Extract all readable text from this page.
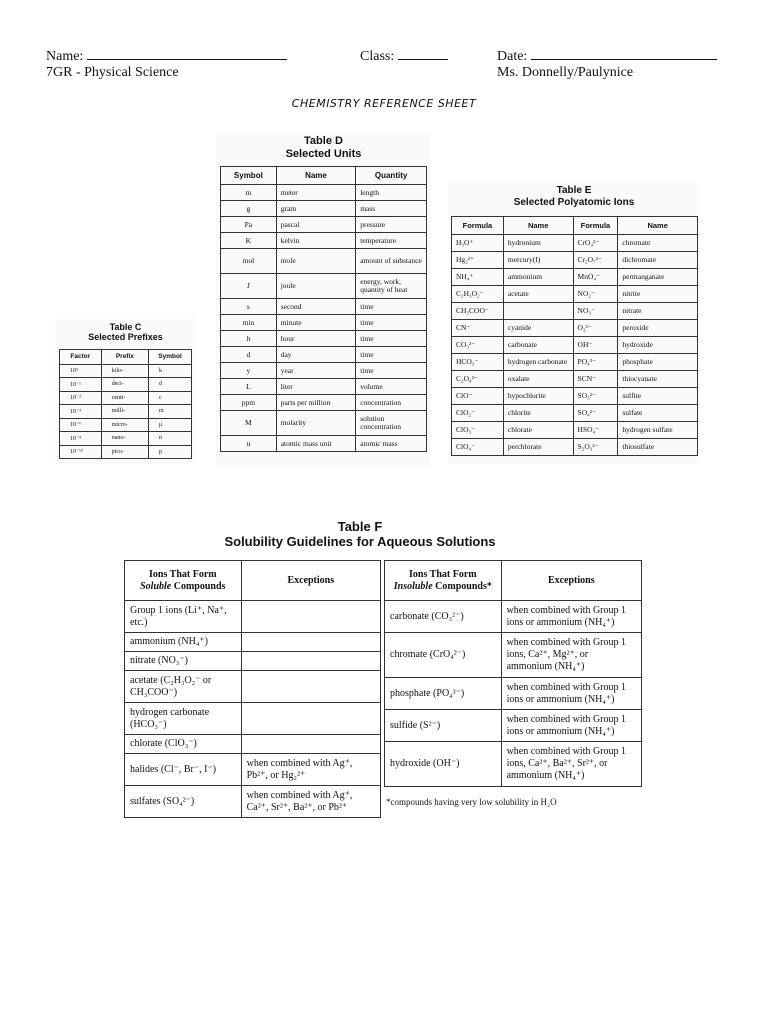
Name:	Class:	Date:
7GR - Physical Science	Ms. Donnelly/Paulynice
CHEMISTRY REFERENCE SHEET
Table C
Selected Prefixes
Factor	Prefix	Symbol
10³	kilo-	k
10⁻¹	deci-	d
10⁻²	centi-	c
10⁻³	milli-	m
10⁻⁶	micro-	μ
10⁻⁹	nano-	n
10⁻¹²	pico-	p
Table D
Selected Units
Symbol	Name	Quantity
m	meter	length
g	gram	mass
Pa	pascal	pressure
K	kelvin	temperature
mol	mole	amount of substance
J	joule	energy, work, quantity of heat
s	second	time
min	minute	time
h	hour	time
d	day	time
y	year	time
L	liter	volume
ppm	parts per million	concentration
M	molarity	solution concentration
u	atomic mass unit	atomic mass
Table E
Selected Polyatomic Ions
Formula	Name	Formula	Name
H₃O⁺	hydronium	CrO₄²⁻	chromate
Hg₂²⁺	mercury(I)	Cr₂O₇²⁻	dichromate
NH₄⁺	ammonium	MnO₄⁻	permanganate
C₂H₃O₂⁻	acetate	NO₂⁻	nitrite
CH₃COO⁻		NO₃⁻	nitrate
CN⁻	cyanide	O₂²⁻	peroxide
CO₃²⁻	carbonate	OH⁻	hydroxide
HCO₃⁻	hydrogen carbonate	PO₄³⁻	phosphate
C₂O₄²⁻	oxalate	SCN⁻	thiocyanate
ClO⁻	hypochlorite	SO₃²⁻	sulfite
ClO₂⁻	chlorite	SO₄²⁻	sulfate
ClO₃⁻	chlorate	HSO₄⁻	hydrogen sulfate
ClO₄⁻	perchlorate	S₂O₃²⁻	thiosulfate
Table F
Solubility Guidelines for Aqueous Solutions
Ions That Form
Soluble Compounds	Exceptions
Group 1 ions (Li⁺, Na⁺, etc.)	
ammonium (NH₄⁺)	
nitrate (NO₃⁻)	
acetate (C₂H₃O₂⁻ or CH₃COO⁻)	
hydrogen carbonate (HCO₃⁻)	
chlorate (ClO₃⁻)	
halides (Cl⁻, Br⁻, I⁻)	when combined with Ag⁺, Pb²⁺, or Hg₂²⁺
sulfates (SO₄²⁻)	when combined with Ag⁺, Ca²⁺, Sr²⁺, Ba²⁺, or Pb²⁺
Ions That Form
Insoluble Compounds*	Exceptions
carbonate (CO₃²⁻)	when combined with Group 1 ions or ammonium (NH₄⁺)
chromate (CrO₄²⁻)	when combined with Group 1 ions, Ca²⁺, Mg²⁺, or ammonium (NH₄⁺)
phosphate (PO₄³⁻)	when combined with Group 1 ions or ammonium (NH₄⁺)
sulfide (S²⁻)	when combined with Group 1 ions or ammonium (NH₄⁺)
hydroxide (OH⁻)	when combined with Group 1 ions, Ca²⁺, Ba²⁺, Sr²⁺, or ammonium (NH₄⁺)
*compounds having very low solubility in H₂O
